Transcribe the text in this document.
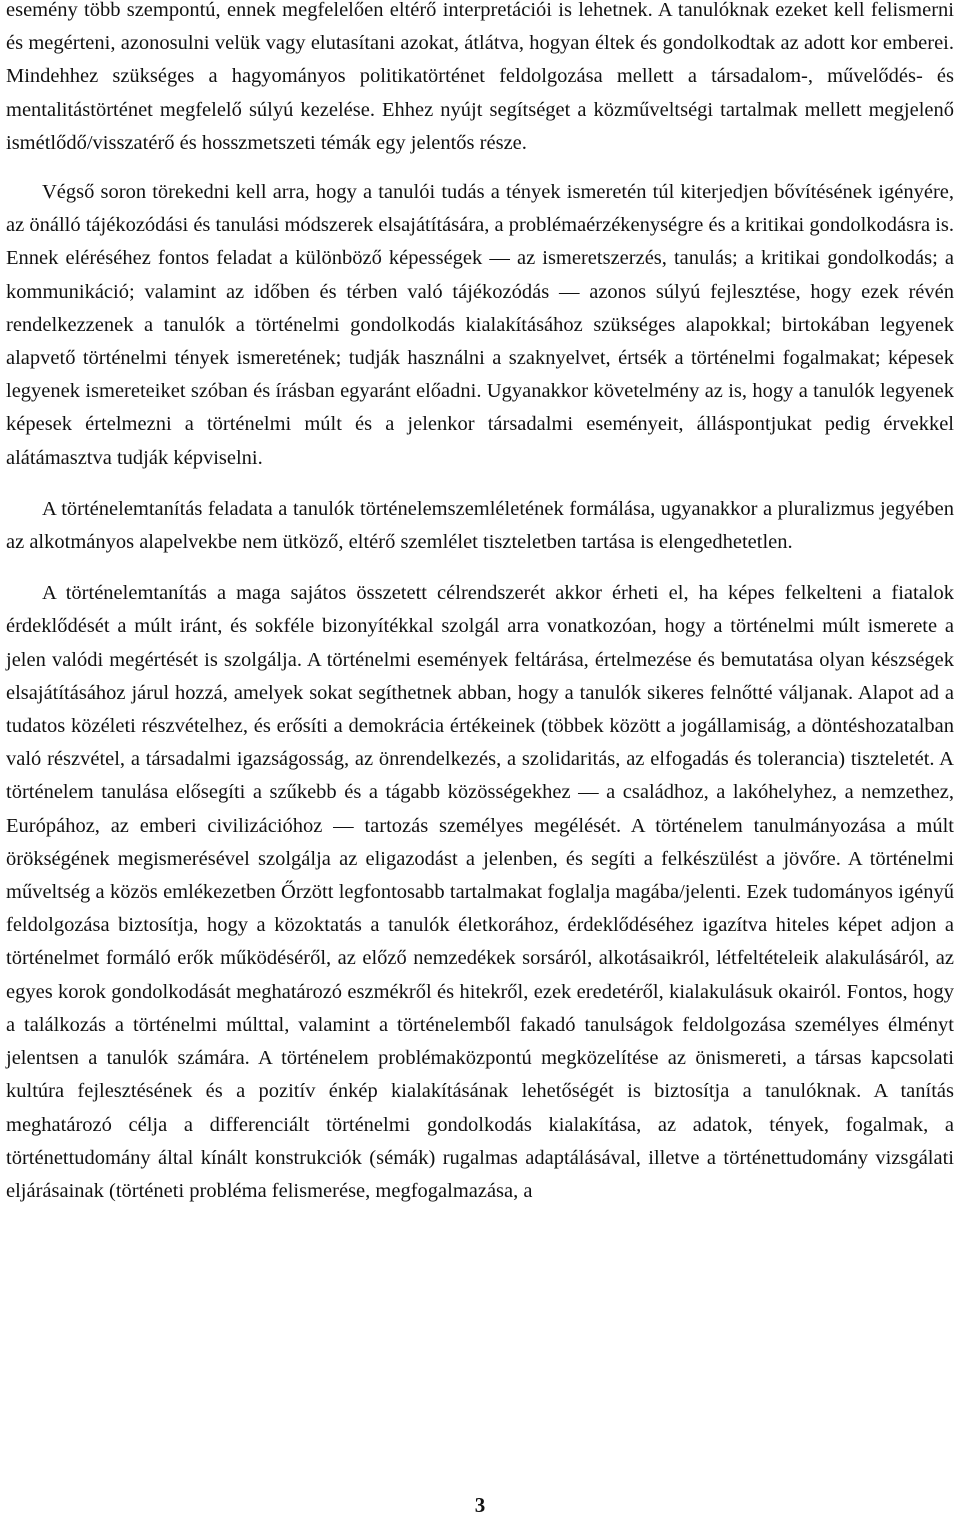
esemény több szempontú, ennek megfelelően eltérő interpretációi is lehetnek. A tanulóknak ezeket kell felismerni és megérteni, azonosulni velük vagy elutasítani azokat, átlátva, hogyan éltek és gondolkodtak az adott kor emberei. Mindehhez szükséges a hagyományos politikatörténet feldolgozása mellett a társadalom-, művelődés- és mentalitástörténet megfelelő súlyú kezelése. Ehhez nyújt segítséget a közműveltségi tartalmak mellett megjelenő ismétlődő/visszatérő és hosszmetszeti témák egy jelentős része.

Végső soron törekedni kell arra, hogy a tanulói tudás a tények ismeretén túl kiterjedjen bővítésének igényére, az önálló tájékozódási és tanulási módszerek elsajátítására, a problémaérzékenységre és a kritikai gondolkodásra is. Ennek eléréséhez fontos feladat a különböző képességek — az ismeretszerzés, tanulás; a kritikai gondolkodás; a kommunikáció; valamint az időben és térben való tájékozódás — azonos súlyú fejlesztése, hogy ezek révén rendelkezzenek a tanulók a történelmi gondolkodás kialakításához szükséges alapokkal; birtokában legyenek alapvető történelmi tények ismeretének; tudják használni a szaknyelvet, értsék a történelmi fogalmakat; képesek legyenek ismereteiket szóban és írásban egyaránt előadni. Ugyanakkor követelmény az is, hogy a tanulók legyenek képesek értelmezni a történelmi múlt és a jelenkor társadalmi eseményeit, álláspontjukat pedig érvekkel alátámasztva tudják képviselni.

A történelemtanítás feladata a tanulók történelemszemléletének formálása, ugyanakkor a pluralizmus jegyében az alkotmányos alapelvekbe nem ütköző, eltérő szemlélet tiszteletben tartása is elengedhetetlen.

A történelemtanítás a maga sajátos összetett célrendszerét akkor érheti el, ha képes felkelteni a fiatalok érdeklődését a múlt iránt, és sokféle bizonyítékkal szolgál arra vonatkozóan, hogy a történelmi múlt ismerete a jelen valódi megértését is szolgálja. A történelmi események feltárása, értelmezése és bemutatása olyan készségek elsajátításához járul hozzá, amelyek sokat segíthetnek abban, hogy a tanulók sikeres felnőtté váljanak. Alapot ad a tudatos közéleti részvételhez, és erősíti a demokrácia értékeinek (többek között a jogállamiság, a döntéshozatalban való részvétel, a társadalmi igazságosság, az önrendelkezés, a szolidaritás, az elfogadás és tolerancia) tiszteletét. A történelem tanulása elősegíti a szűkebb és a tágabb közösségekhez — a családhoz, a lakóhelyhez, a nemzethez, Európához, az emberi civilizációhoz — tartozás személyes megélését. A történelem tanulmányozása a múlt örökségének megismerésével szolgálja az eligazodást a jelenben, és segíti a felkészülést a jövőre. A történelmi műveltség a közös emlékezetben Őrzött legfontosabb tartalmakat foglalja magába/jelenti. Ezek tudományos igényű feldolgozása biztosítja, hogy a közoktatás a tanulók életkorához, érdeklődéséhez igazítva hiteles képet adjon a történelmet formáló erők működéséről, az előző nemzedékek sorsáról, alkotásaikról, létfeltételeik alakulásáról, az egyes korok gondolkodását meghatározó eszmékről és hitekről, ezek eredetéről, kialakulásuk okairól. Fontos, hogy a találkozás a történelmi múlttal, valamint a történelemből fakadó tanulságok feldolgozása személyes élményt jelentsen a tanulók számára. A történelem problémaközpontú megközelítése az önismereti, a társas kapcsolati kultúra fejlesztésének és a pozitív énkép kialakításának lehetőségét is biztosítja a tanulóknak. A tanítás meghatározó célja a differenciált történelmi gondolkodás kialakítása, az adatok, tények, fogalmak, a történettudomány által kínált konstrukciók (sémák) rugalmas adaptálásával, illetve a történettudomány vizsgálati eljárásainak (történeti probléma felismerése, megfogalmazása, a

3
